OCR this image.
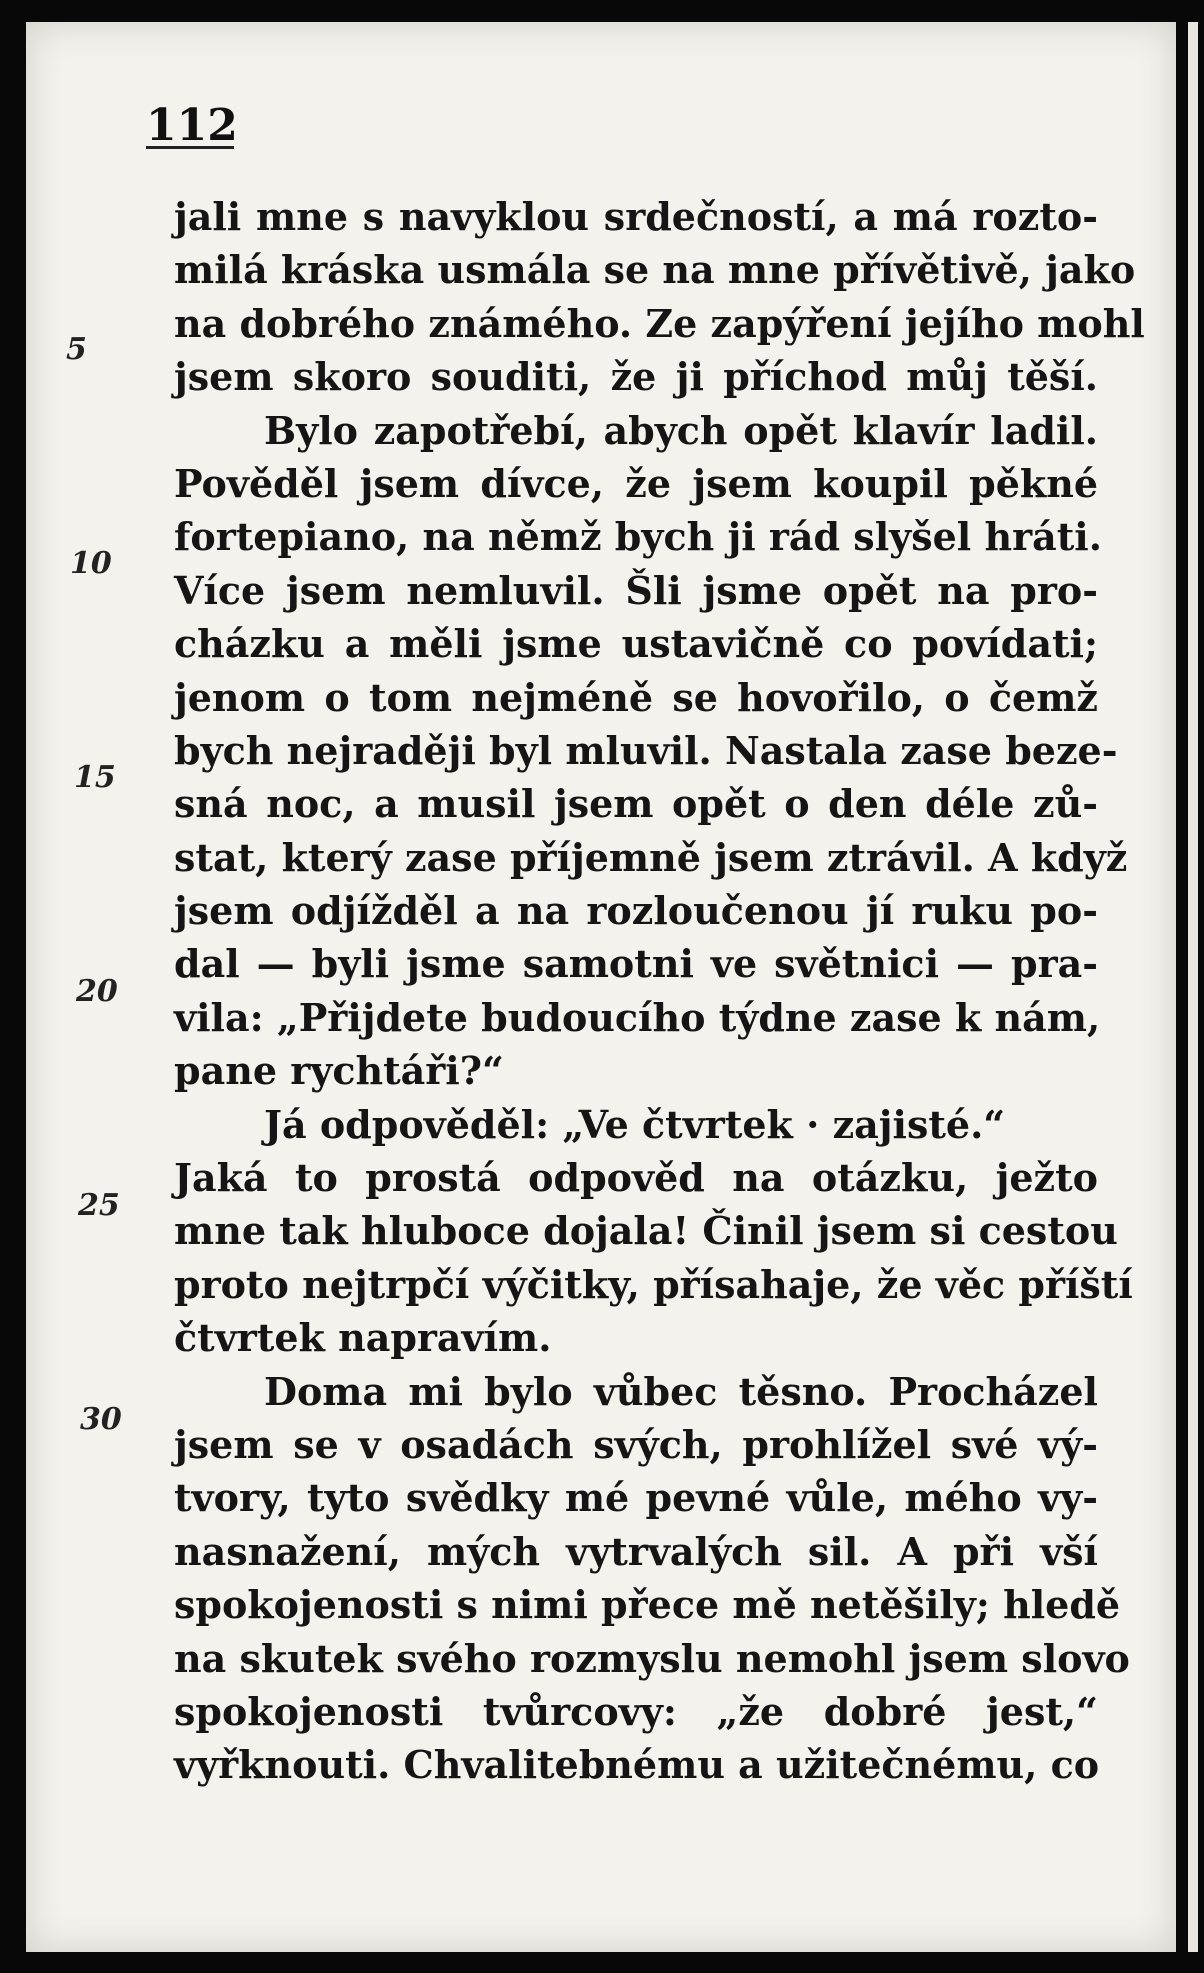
112
5
10
15
20
25
30
jali mne s navyklou srdečností, a má rozto-
milá kráska usmála se na mne přívětivě, jako
na dobrého známého. Ze zapýření jejího mohl
jsem skoro souditi, že ji příchod můj těší.
Bylo zapotřebí, abych opět klavír ladil.
Pověděl jsem dívce, že jsem koupil pěkné
fortepiano, na němž bych ji rád slyšel hráti.
Více jsem nemluvil. Šli jsme opět na pro-
cházku a měli jsme ustavičně co povídati;
jenom o tom nejméně se hovořilo, o čemž
bych nejraději byl mluvil. Nastala zase beze-
sná noc, a musil jsem opět o den déle zů-
stat, který zase příjemně jsem ztrávil. A když
jsem odjížděl a na rozloučenou jí ruku po-
dal — byli jsme samotni ve světnici — pra-
vila: „Přijdete budoucího týdne zase k nám,
pane rychtáři?“
Já odpověděl: „Ve čtvrtek · zajisté.“
Jaká to prostá odpověd na otázku, ježto
mne tak hluboce dojala! Činil jsem si cestou
proto nejtrpčí výčitky, přísahaje, že věc příští
čtvrtek napravím.
Doma mi bylo vůbec těsno. Procházel
jsem se v osadách svých, prohlížel své vý-
tvory, tyto svědky mé pevné vůle, mého vy-
nasnažení, mých vytrvalých sil. A při vší
spokojenosti s nimi přece mě netěšily; hledě
na skutek svého rozmyslu nemohl jsem slovo
spokojenosti tvůrcovy: „že dobré jest,“
vyřknouti. Chvalitebnému a užitečnému, co
